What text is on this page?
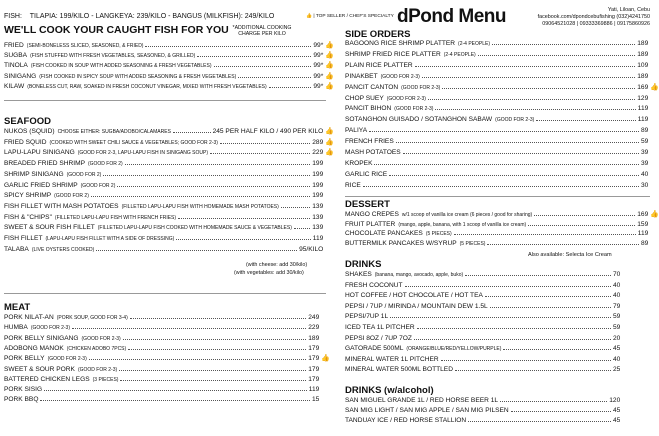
FISH: TILAPIA: 199/KILO - LANGKEYA: 239/KILO - BANGUS (MILKFISH): 249/KILO	👍 | TOP SELLER / CHEF'S SPECIALTY dPond Menu	Yati, Liloan, Cebu
facebook.com/dpondcebufishing (032)4241750
09064521028 | 09333369886 | 09175860926
WE'LL COOK YOUR CAUGHT FISH FOR YOU *ADDITIONAL COOKING CHARGE PER KILO
FRIED (SEMI-BONELESS SLICED, SEASONED, & FRIED)	99* 👍
SUGBA (FISH STUFFED WITH FRESH VEGETABLES, SEASONED, & GRILLED)	99* 👍
TINOLA (FISH COOKED IN SOUP WITH ADDED SEASONING & FRESH VEGETABLES)	99* 👍
SINIGANG (FISH COOKED IN SPICY SOUP WITH ADDED SEASONING & FRESH VEGETABLES)	99* 👍
KILAW (BONELESS CUT, RAW, SOAKED IN FRESH COCONUT VINEGAR, MIXED WITH FRESH VEGETABLES)	99* 👍
NUKOS (SQUID) CHOOSE EITHER: SUGBA/ADOBO/CALAMARES	245 PER HALF KILO / 490 PER KILO 👍
FRIED SQUID (COOKED WITH SWEET CHILI SAUCE & VEGETABLES; GOOD FOR 2-3)	289 👍
LAPU-LAPU SINIGANG (GOOD FOR 2-3, LAPU-LAPU FISH IN SINIGANG SOUP)	229 👍
BREADED FRIED SHRIMP (GOOD FOR 2)	199
SHRIMP SINIGANG (GOOD FOR 2)	199
GARLIC FRIED SHRIMP (GOOD FOR 2)	199
SPICY SHRIMP (GOOD FOR 2)	199
FISH FILLET WITH MASH POTATOES (FILLETED LAPU-LAPU FISH WITH HOMEMADE MASH POTATOES)	139
FISH & "CHIPS" (FILLETED LAPU-LAPU FISH WITH FRENCH FRIES)	139
SWEET & SOUR FISH FILLET (FILLETED LAPU-LAPU FISH COOKED WITH HOMEMADE SAUCE & VEGETABLES)	139
FISH FILLET (LAPU-LAPU FISH FILLET WITH A SIDE OF DRESSING)	119
TALABA (LIVE OYSTERS COOKED)	95/KILO
PORK NILAT-AN (PORK SOUP, GOOD FOR 3-4)	249
HUMBA (GOOD FOR 2-3)	229
PORK BELLY SINIGANG (GOOD FOR 2-3)	189
ADOBONG MANOK (CHICKEN ADOBO 7PCS)	179
PORK BELLY (GOOD FOR 2-3)	179 👍
SWEET & SOUR PORK (GOOD FOR 2-3)	179
BATTERED CHICKEN LEGS (3 PIECES)	179
PORK SISIG	119
PORK BBQ	15
BAGOONG RICE SHRIMP PLATTER (2-4 PEOPLE)	189
SHRIMP FRIED RICE PLATTER (2-4 PEOPLE)	189
PLAIN RICE PLATTER	109
PINAKBET (GOOD FOR 2-3)	189
PANCIT CANTON (GOOD FOR 2-3)	169 👍
CHOP SUEY (GOOD FOR 2-3)	129
PANCIT BIHON (GOOD FOR 2-3)	119
SOTANGHON GUISADO / SOTANGHON SABAW (GOOD FOR 2-3)	119
PALIYA	89
FRENCH FRIES	59
MASH POTATOES	39
KROPEK	39
GARLIC RICE	40
RICE	30
MANGO CREPES w/1 scoop of vanilla ice cream (6 pieces / good for sharing)	169 👍
FRUIT PLATTER (mango, apple, banana, with 1 scoop of vanilla ice cream)	159
CHOCOLATE PANCAKES (5 PIECES)	119
BUTTERMILK PANCAKES W/SYRUP (5 PIECES)	89
SHAKES (banana, mango, avocado, apple, buko)	70
FRESH COCONUT	40
HOT COFFEE / HOT CHOCOLATE / HOT TEA	40
PEPSI / 7UP / MIRINDA / MOUNTAIN DEW 1.5L	79
PEPSI/7UP 1L	59
ICED TEA 1L PITCHER	59
PEPSI 8OZ / 7UP 7OZ	20
GATORADE 500ML (ORANGE/BLUE/RED/YELLOW/PURPLE)	45
MINERAL WATER 1L PITCHER	40
MINERAL WATER 500ML BOTTLED	25
SAN MIGUEL GRANDE 1L / RED HORSE BEER 1L	120
SAN MIG LIGHT / SAN MIG APPLE / SAN MIG PILSEN	45
TANDUAY ICE / RED HORSE STALLION	45
SEAFOOD
MEAT
SIDE ORDERS
DESSERT
DRINKS
DRINKS (w/alcohol)
(with cheese: add 30/kilo)
(with vegetables: add 30/kilo)
Also available: Selecta Ice Cream
